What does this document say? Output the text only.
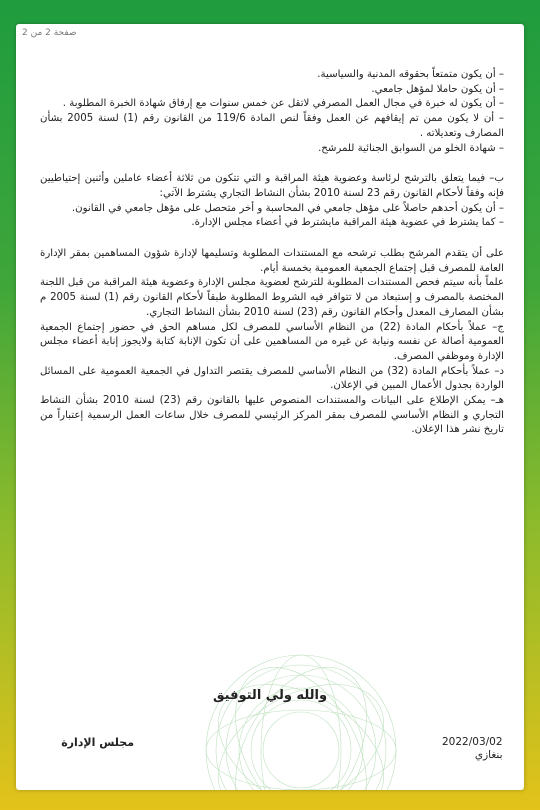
صفحة 2 من 2

– أن يكون متمتعاً بحقوقه المدنية والسياسية.

– أن يكون حاملا لمؤهل جامعي.

– أن يكون له خبرة في مجال العمل المصرفي لاتقل عن خمس سنوات مع إرفاق شهادة الخبرة المطلوبة .

– أن لا يكون ممن تم إيقافهم عن العمل وفقاً لنص المادة 119/6 من القانون رقم (1) لسنة 2005 بشأن المصارف وتعديلاته .

– شهادة الخلو من السوابق الجنائية للمرشح.

ب– فيما يتعلق بالترشح لرئاسة وعضوية هيئة المراقبة و التي تتكون من ثلاثة أعضاء عاملين وأثنين إحتياطيين فإنه وفقاً لأحكام القانون رقم 23 لسنة 2010 بشأن النشاط التجاري يشترط الآتي:

– أن يكون أحدهم حاصلاً على مؤهل جامعي في المحاسبة و أخر متحصل على مؤهل جامعي في القانون.

– كما يشترط في عضوية هيئة المراقبة مايشترط في أعضاء مجلس الإدارة.

على أن يتقدم المرشح بطلب ترشحه مع المستندات المطلوبة وتسليمها لإدارة شؤون المساهمين بمقر الإدارة العامة للمصرف قبل إجتماع الجمعية العمومية بخمسة أيام.

علماً بأنه سيتم فحص المستندات المطلوبة للترشح لعضوية مجلس الإدارة وعضوية هيئة المراقبة من قبل اللجنة المختصة بالمصرف و إستبعاد من لا تتوافر فيه الشروط المطلوبة طبقاً لأحكام القانون رقم (1) لسنة 2005 م بشأن المصارف المعدل وأحكام القانون رقم (23) لسنة 2010 بشأن النشاط التجاري.

ج– عملاً بأحكام المادة (22) من النظام الأساسي للمصرف لكل مساهم الحق في حضور إجتماع الجمعية العمومية أصالة عن نفسه ونيابة عن غيره من المساهمين على أن تكون الإنابة كتابة ولايجوز إنابة أعضاء مجلس الإدارة وموظفي المصرف.

د– عملاً بأحكام المادة (32) من النظام الأساسي للمصرف يقتصر التداول في الجمعية العمومية على المسائل الواردة بجدول الأعمال المبين في الإعلان.

هـ– يمكن الإطلاع على البيانات والمستندات المنصوص عليها بالقانون رقم (23) لسنة 2010 بشأن النشاط التجاري و النظام الأساسي للمصرف بمقر المركز الرئيسي للمصرف خلال ساعات العمل الرسمية إعتباراً من تاريخ نشر هذا الإعلان.

والله ولي التوفيق
مجلس الإدارة	2022/03/02
بنغازي
